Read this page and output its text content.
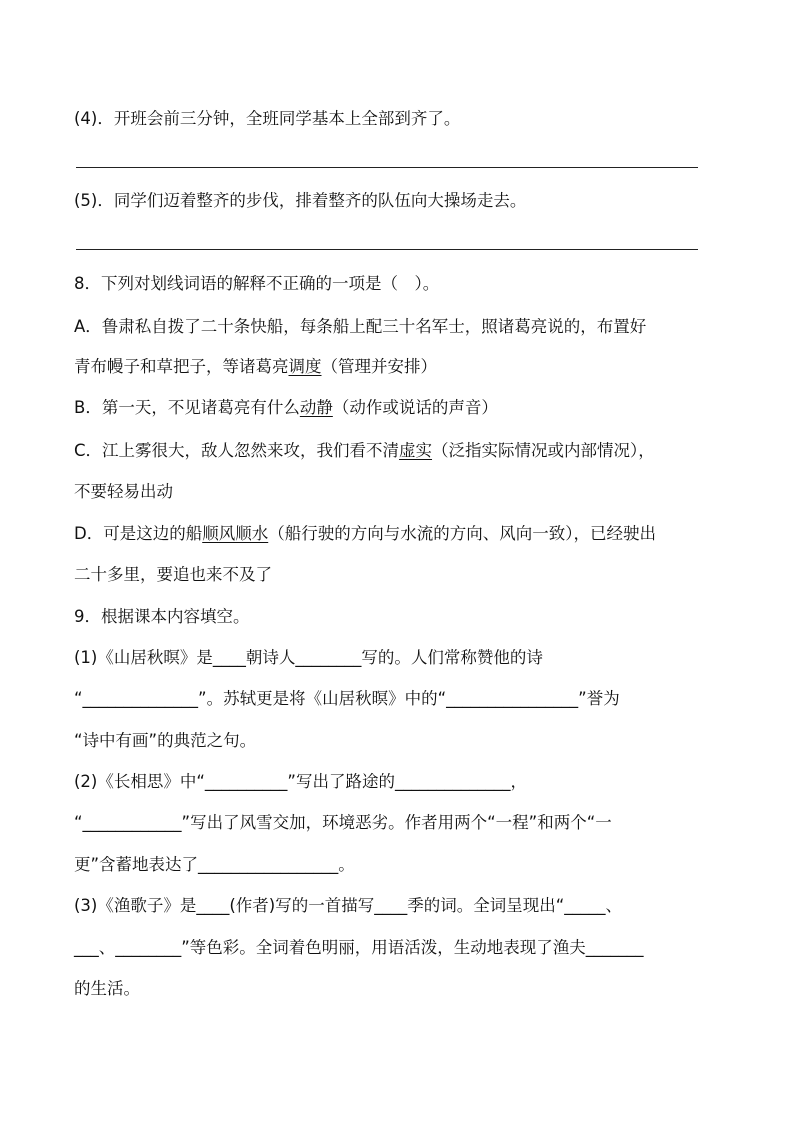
(4)．开班会前三分钟，全班同学基本上全部到齐了。
(5)．同学们迈着整齐的步伐，排着整齐的队伍向大操场走去。
8．下列对划线词语的解释不正确的一项是（　）。
A．鲁肃私自拨了二十条快船，每条船上配三十名军士，照诸葛亮说的，布置好
青布幔子和草把子，等诸葛亮调度（管理并安排）
B．第一天，不见诸葛亮有什么动静（动作或说话的声音）
C．江上雾很大，敌人忽然来攻，我们看不清虚实（泛指实际情况或内部情况），
不要轻易出动
D．可是这边的船顺风顺水（船行驶的方向与水流的方向、风向一致），已经驶出
二十多里，要追也来不及了
9．根据课本内容填空。
(1)《山居秋暝》是____朝诗人________写的。人们常称赞他的诗
“______________”。苏轼更是将《山居秋暝》中的“________________”誉为
“诗中有画”的典范之句。
(2)《长相思》中“__________”写出了路途的______________，
“____________”写出了风雪交加，环境恶劣。作者用两个“一程”和两个“一
更”含蓄地表达了_________________。
(3)《渔歌子》是____(作者)写的一首描写____季的词。全词呈现出“_____、
___、________”等色彩。全词着色明丽，用语活泼，生动地表现了渔夫_______
的生活。
